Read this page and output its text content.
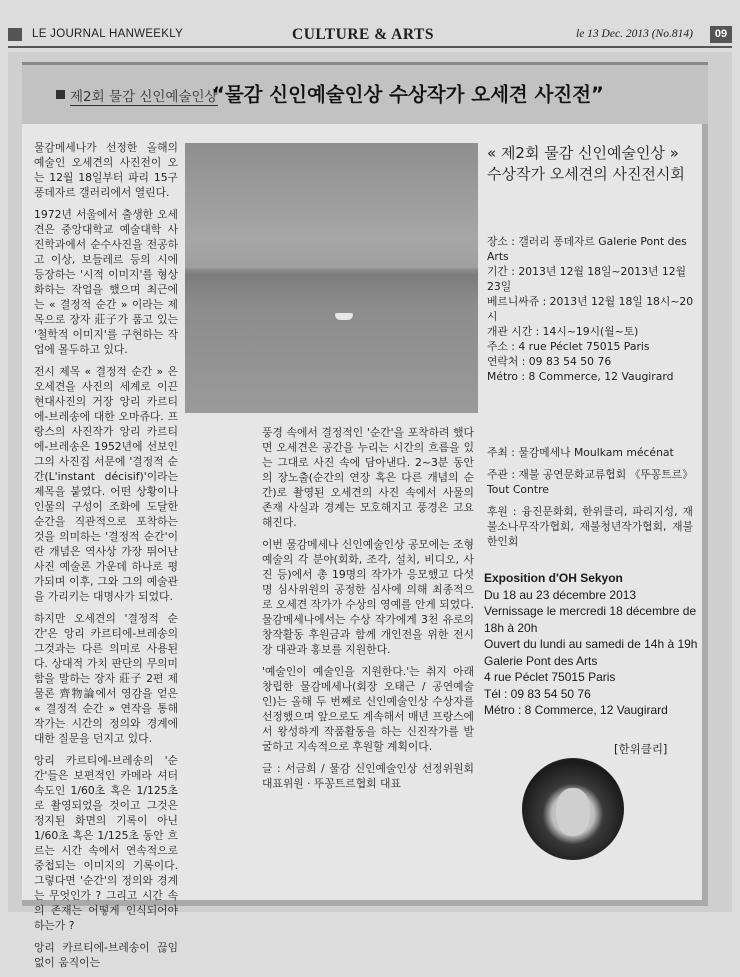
LE JOURNAL HANWEEKLY	CULTURE & ARTS	le 13 Dec. 2013 (No.814)	09
제2회 물감 신인예술인상
“물감 신인예술인상 수상작가 오세견 사진전”

물감메세나가 선정한 올해의 예술인 오세견의 사진전이 오는 12월 18일부터 파리 15구 퐁데자르 갤러리에서 열린다.

1972년 서울에서 출생한 오세견은 중앙대학교 예술대학 사진학과에서 순수사진을 전공하고 이상, 보들레르 등의 시에 등장하는 '시적 이미지'를 형상화하는 작업을 했으며 최근에는 « 결정적 순간 » 이라는 제목으로 장자 莊子가 품고 있는 '철학적 이미지'를 구현하는 작업에 몰두하고 있다.

전시 제목 « 결정적 순간 » 은 오세견을 사진의 세계로 이끈 현대사진의 거장 앙리 카르티에-브레송에 대한 오마쥬다. 프랑스의 사진작가 앙리 카르티에-브레송은 1952년에 선보인 그의 사진집 서문에 '결정적 순간(L'instant décisif)'이라는 제목을 붙였다. 어떤 상황이나 인물의 구성이 조화에 도달한 순간을 직관적으로 포착하는 것을 의미하는 '결정적 순간'이란 개념은 역사상 가장 뛰어난 사진 예술론 가운데 하나로 평가되며 이후, 그와 그의 예술관을 가리키는 대명사가 되었다.

하지만 오세견의 '결정적 순간'은 앙리 카르티에-브레송의 그것과는 다른 의미로 사용된다. 상대적 가치 판단의 무의미함을 말하는 장자 莊子 2편 제물론 齊物論에서 영감을 얻은 « 결정적 순간 » 연작을 통해 작가는 시간의 정의와 경계에 대한 질문을 던지고 있다.

앙리 카르티에-브레송의 '순간'들은 보편적인 카메라 셔터 속도인 1/60초 혹은 1/125초로 촬영되었을 것이고 그것은 정지된 화면의 기록이 아닌 1/60초 혹은 1/125초 동안 흐르는 시간 속에서 연속적으로 중첩되는 이미지의 기록이다. 그렇다면 '순간'의 정의와 경계는 무엇인가 ? 그리고 시간 속의 존재는 어떻게 인식되어야 하는가 ?

앙리 카르티에-브레송이 끊임없이 움직이는

« 제2회 물감 신인예술인상 » 수상작가 오세견의 사진전시회
장소 : 갤러리 퐁데자르 Galerie Pont des Arts
기간 : 2013년 12월 18일~2013년 12월 23일
베르니싸쥬 : 2013년 12월 18일 18시~20시
개관 시간 : 14시~19시(월~토)
주소 : 4 rue Péclet 75015 Paris
연락처 : 09 83 54 50 76
Métro : 8 Commerce, 12 Vaugirard

풍경 속에서 결정적인 '순간'을 포착하려 했다면 오세견은 공간을 누리는 시간의 흐름을 있는 그대로 사진 속에 담아낸다. 2~3분 동안의 장노출(순간의 연장 혹은 다른 개념의 순간)로 촬영된 오세견의 사진 속에서 사물의 존재 사실과 경계는 모호해지고 풍경은 고요해진다.

이번 물감메세나 신인예술인상 공모에는 조형예술의 각 분야(회화, 조각, 설치, 비디오, 사진 등)에서 총 19명의 작가가 응모했고 다섯 명 심사위원의 공정한 심사에 의해 최종적으로 오세견 작가가 수상의 영예를 안게 되었다. 물감메세나에서는 수상 작가에게 3천 유로의 창작활동 후원금과 함께 개인전을 위한 전시장 대관과 홍보를 지원한다.

'예술인이 예술인을 지원한다.'는 취지 아래 창립한 물감메세나(회장 오태근 / 공연예술인)는 올해 두 번째로 신인예술인상 수상자를 선정했으며 앞으로도 계속해서 매년 프랑스에서 왕성하게 작품활동을 하는 신진작가를 발굴하고 지속적으로 후원할 계획이다.

글 : 서금희 / 물감 신인예술인상 선정위원회 대표위원 · 뚜꽁트르협회 대표

주최 : 물감메세나 Moulkam mécénat

주관 : 재불 공연문화교류협회 《뚜꽁트르》 Tout Contre

후원 : 융진문화회, 한위클리, 파리지성, 재불소나무작가협회, 재불청년작가협회, 재불한인회

Exposition d'OH Sekyon
Du 18 au 23 décembre 2013
Vernissage le mercredi 18 décembre de 18h à 20h
Ouvert du lundi au samedi de 14h à 19h
Galerie Pont des Arts
4 rue Péclet 75015 Paris
Tél : 09 83 54 50 76
Métro : 8 Commerce, 12 Vaugirard
[한위클리]
